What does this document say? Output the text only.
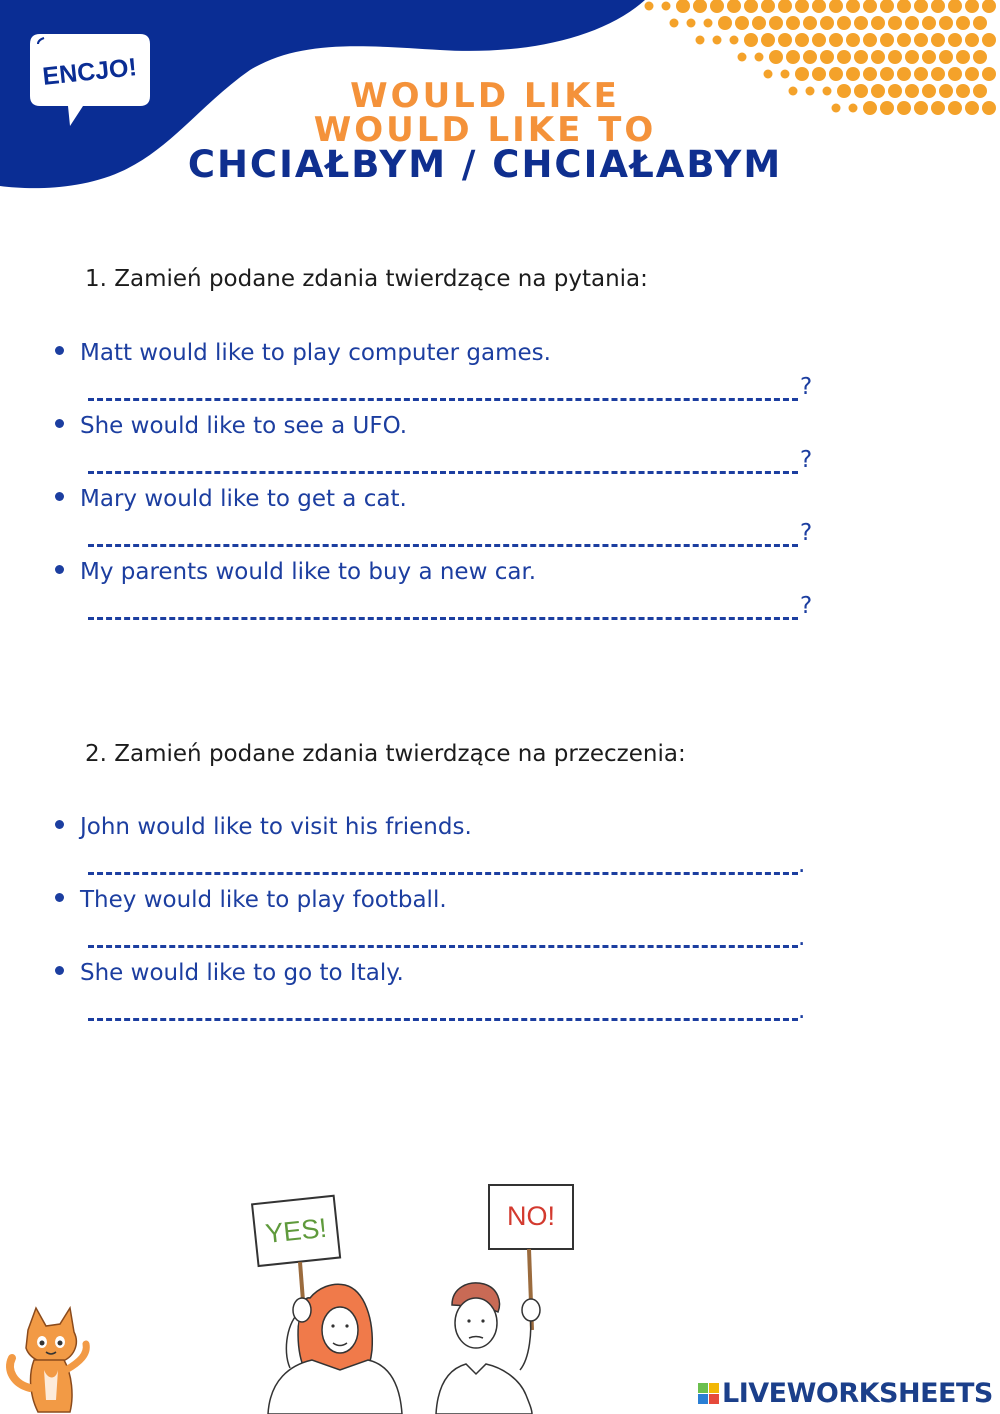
ENCJO!
WOULD LIKE
WOULD LIKE TO
CHCIAŁBYM / CHCIAŁABYM
1. Zamień podane zdania twierdzące na pytania:
Matt would like to play computer games.
?
She would like to see a UFO.
?
Mary would like to get a cat.
?
My parents would like to buy a new car.
?
2. Zamień podane zdania twierdzące na przeczenia:
John would like to visit his friends.
.
They would like to play football.
.
She would like to go to Italy.
.
YES!	NO!
LIVEWORKSHEETS
